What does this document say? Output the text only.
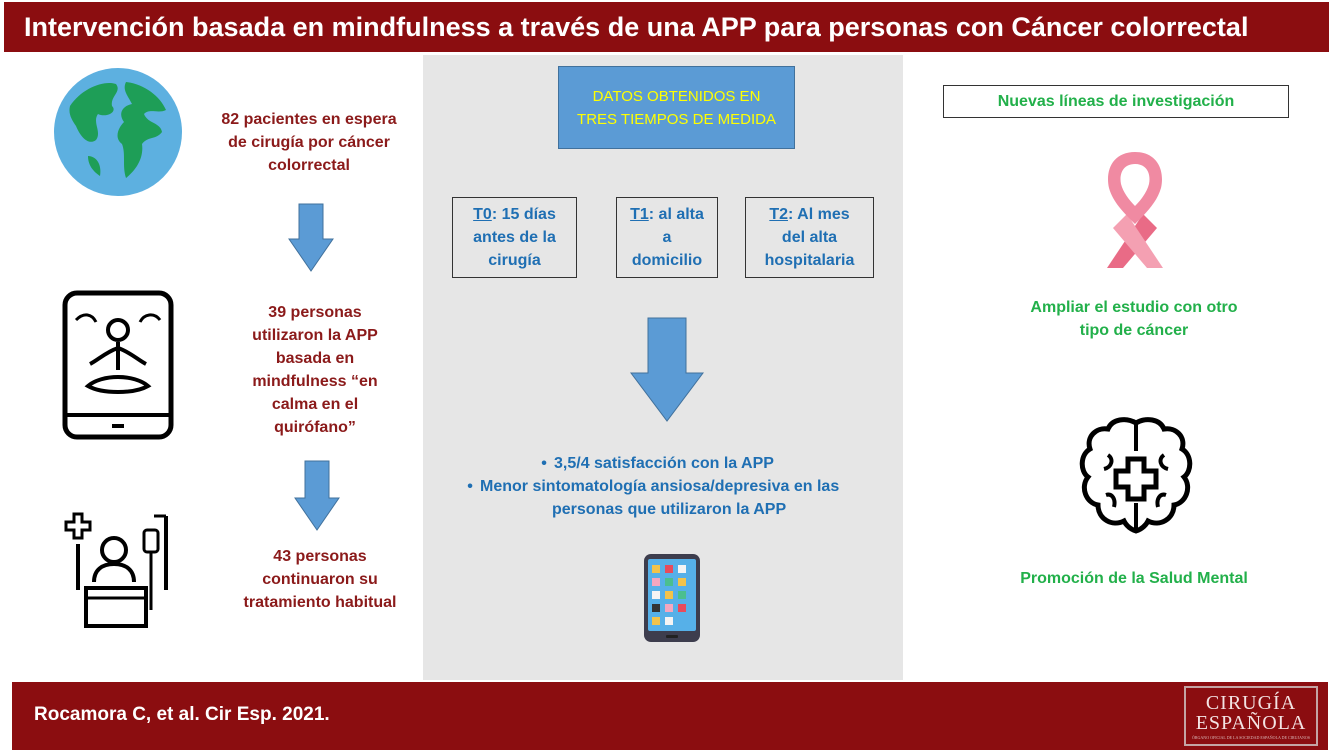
Intervención basada en mindfulness a través de una APP para personas con Cáncer colorrectal
82 pacientes en espera
de cirugía por cáncer
colorrectal
39 personas
utilizaron la APP
basada en
mindfulness “en
calma en el
quirófano”
43 personas
continuaron su
tratamiento habitual
DATOS OBTENIDOS EN
TRES TIEMPOS DE MEDIDA
T0: 15 días
antes de la
cirugía
T1: al alta
a
domicilio
T2: Al mes
del alta
hospitalaria
• 3,5/4 satisfacción con la APP
• Menor sintomatología ansiosa/depresiva en las
personas que utilizaron la APP
Nuevas líneas de investigación
Ampliar el estudio con otro
tipo de cáncer
Promoción de la Salud Mental
Rocamora C, et al. Cir Esp. 2021.
CIRUGÍA
ESPAÑOLA
ÓRGANO OFICIAL DE LA SOCIEDAD ESPAÑOLA DE CIRUJANOS
